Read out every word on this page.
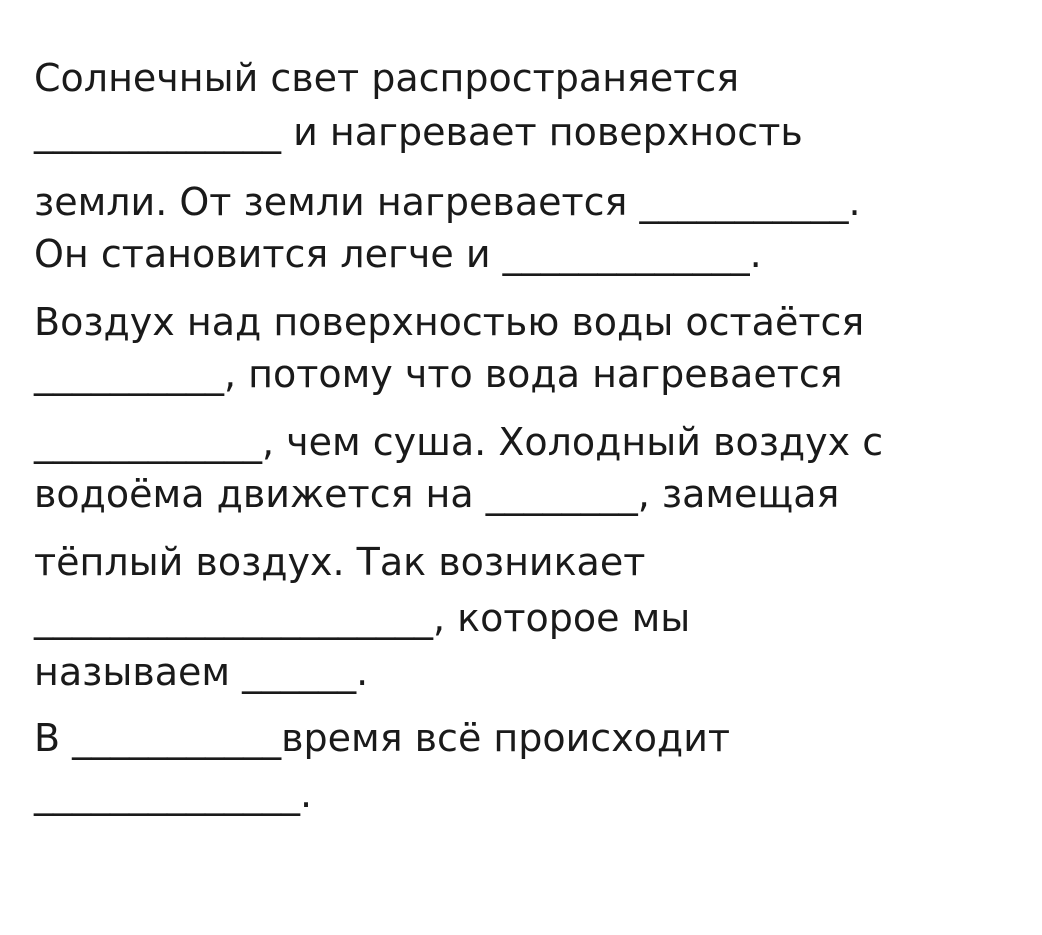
Солнечный свет распространяется

_____________ и нагревает поверхность

земли. От земли нагревается ___________.

Он становится легче и _____________.

Воздух над поверхностью воды остаётся

__________, потому что вода нагревается

____________, чем суша. Холодный воздух с

водоёма движется на ________, замещая

тёплый воздух. Так возникает

_____________________, которое мы

называем ______.

В ___________время всё происходит

______________.
